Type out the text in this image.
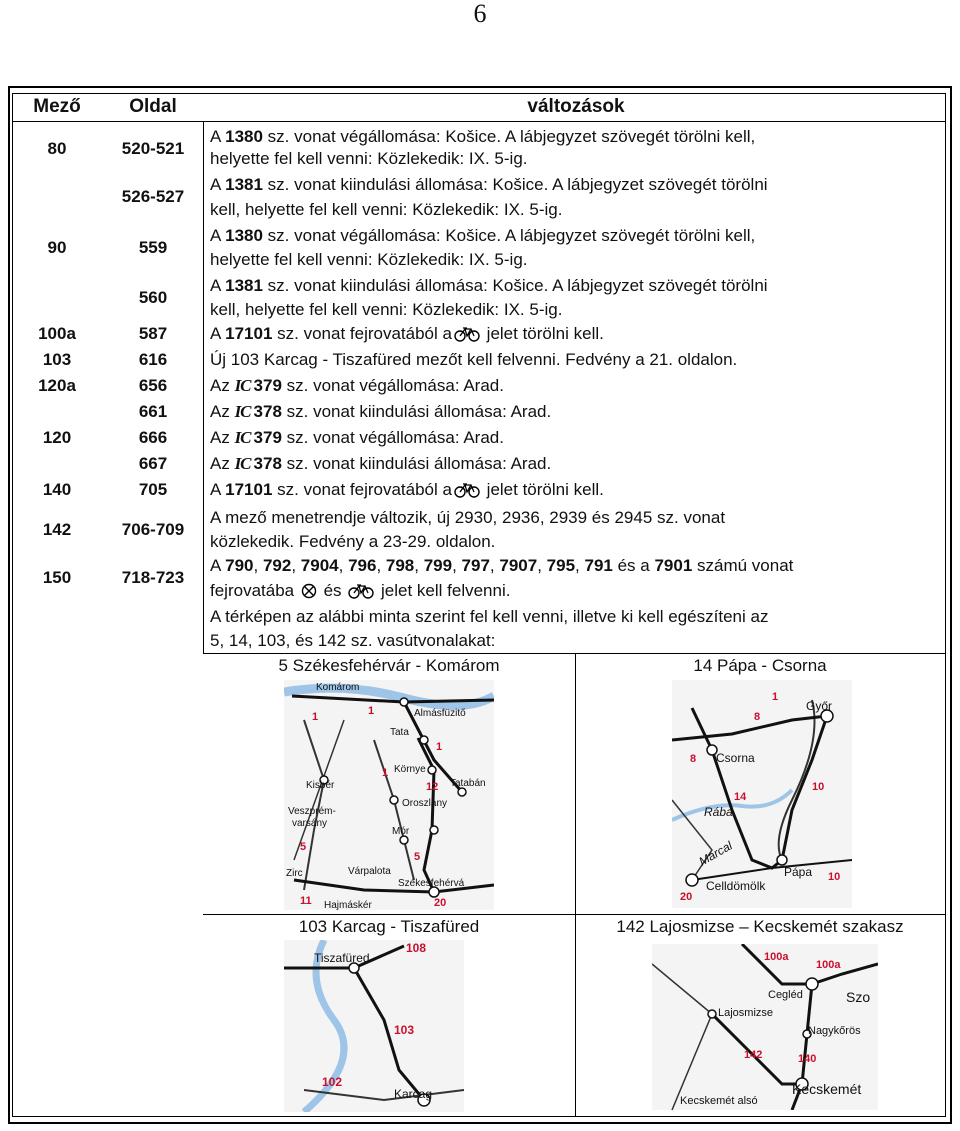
6
Mező	Oldal	változások
80	520-521
A 1380 sz. vonat végállomása: Košice. A lábjegyzet szövegét törölni kell,
helyette fel kell venni: Közlekedik: IX. 5-ig.
526-527
A 1381 sz. vonat kiindulási állomása: Košice. A lábjegyzet szövegét törölni
kell, helyette fel kell venni: Közlekedik: IX. 5-ig.
90	559
A 1380 sz. vonat végállomása: Košice. A lábjegyzet szövegét törölni kell,
helyette fel kell venni: Közlekedik: IX. 5-ig.
560
A 1381 sz. vonat kiindulási állomása: Košice. A lábjegyzet szövegét törölni
kell, helyette fel kell venni: Közlekedik: IX. 5-ig.
100a	587	A 17101 sz. vonat fejrovatából a jelet törölni kell.
103	616	Új 103 Karcag - Tiszafüred mezőt kell felvenni. Fedvény a 21. oldalon.
120a	656	Az IC 379 sz. vonat végállomása: Arad.
661	Az IC 378 sz. vonat kiindulási állomása: Arad.
120	666	Az IC 379 sz. vonat végállomása: Arad.
667	Az IC 378 sz. vonat kiindulási állomása: Arad.
140	705	A 17101 sz. vonat fejrovatából a jelet törölni kell.
142	706-709
A mező menetrendje változik, új 2930, 2936, 2939 és 2945 sz. vonat
közlekedik. Fedvény a 23-29. oldalon.
150	718-723
A 790, 792, 7904, 796, 798, 799, 797, 7907, 795, 791 és a 7901 számú vonat
fejrovatába  és  jelet kell felvenni.
A térképen az alábbi minta szerint fel kell venni, illetve ki kell egészíteni az
5, 14, 103, és 142 sz. vasútvonalakat:
5 Székesfehérvár - Komárom	14 Pápa - Csorna
103 Karcag - Tiszafüred	142 Lajosmizse – Kecskemét szakasz
Komárom
Almásfüzitő
Tata
Tatabán
Környe
Kisbér
Oroszlány
Veszprém-
varsány
Mór
Zirc	Várpalota
Székesfehérvá
Hajmáskér
1	1
1
12
1
5
5
20
11
Győr
Csorna
Rába
Marcal
Pápa
Celldömölk
1
8
8
14
10
10
20
Tiszafüred
Karcag
108
103
102
Lajosmizse
Cegléd	Szo
Nagykőrös
Kecskemét
Kecskemét alsó
100a
100a
142	140
